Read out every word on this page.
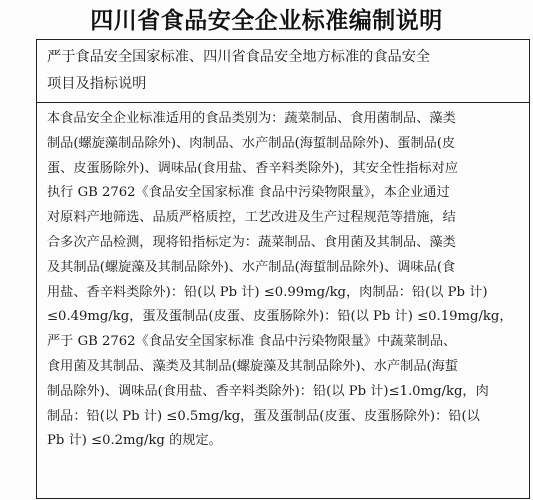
四川省食品安全企业标准编制说明
严于食品安全国家标准、四川省食品安全地方标准的食品安全
项目及指标说明
本食品安全企业标准适用的食品类别为：蔬菜制品、食用菌制品、藻类
制品(螺旋藻制品除外)、肉制品、水产制品(海蜇制品除外)、蛋制品(皮
蛋、皮蛋肠除外)、调味品(食用盐、香辛料类除外)，其安全性指标对应
执行 GB 2762《食品安全国家标准 食品中污染物限量》，本企业通过
对原料产地筛选、品质严格质控，工艺改进及生产过程规范等措施，结
合多次产品检测，现将铅指标定为：蔬菜制品、食用菌及其制品、藻类
及其制品(螺旋藻及其制品除外)、水产制品(海蜇制品除外)、调味品(食
用盐、香辛料类除外)：铅(以 Pb 计) ≤0.99mg/kg，肉制品：铅(以 Pb 计)
≤0.49mg/kg，蛋及蛋制品(皮蛋、皮蛋肠除外)：铅(以 Pb 计) ≤0.19mg/kg，
严于 GB 2762《食品安全国家标准 食品中污染物限量》中蔬菜制品、
食用菌及其制品、藻类及其制品(螺旋藻及其制品除外)、水产制品(海蜇
制品除外)、调味品(食用盐、香辛料类除外)：铅(以 Pb 计)≤1.0mg/kg，肉
制品：铅(以 Pb 计) ≤0.5mg/kg，蛋及蛋制品(皮蛋、皮蛋肠除外)：铅(以
Pb 计) ≤0.2mg/kg 的规定。
